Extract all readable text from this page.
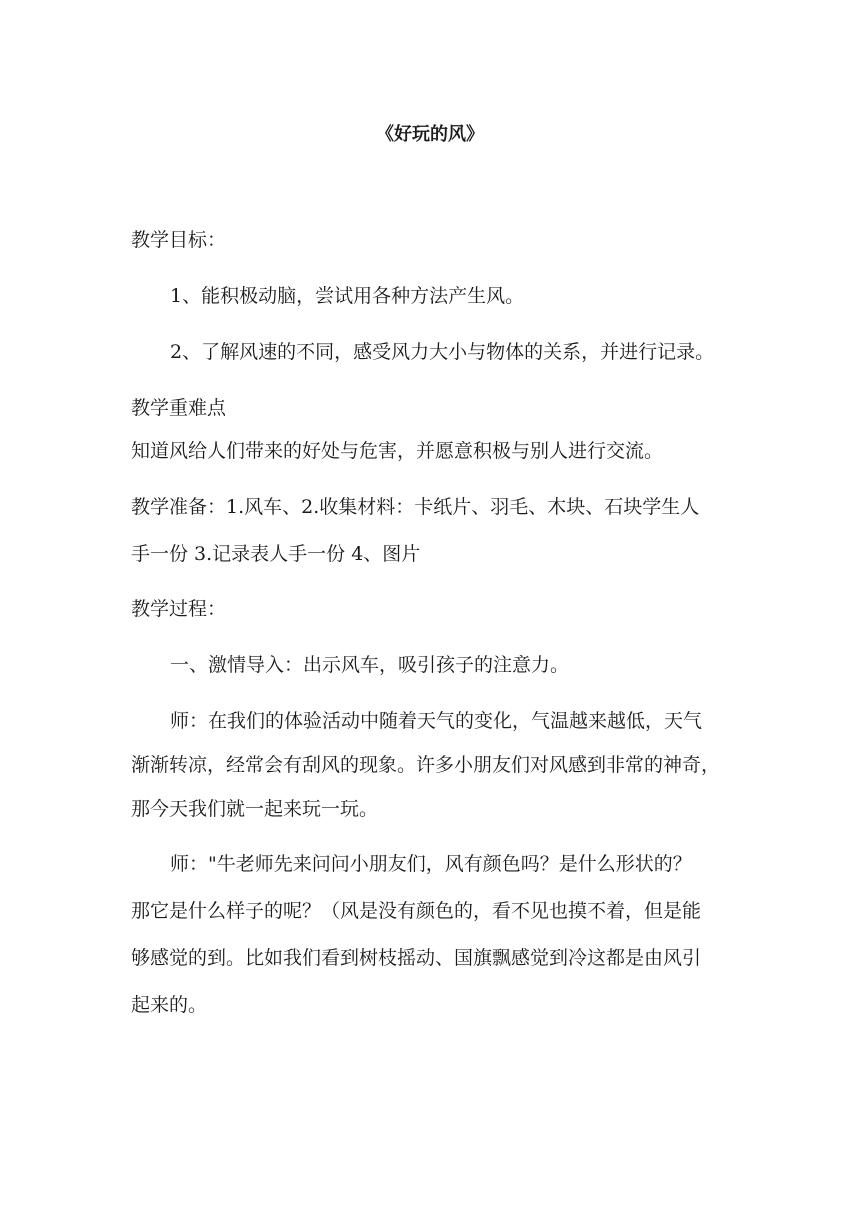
《好玩的风》

教学目标：

1、能积极动脑，尝试用各种方法产生风。

2、了解风速的不同，感受风力大小与物体的关系，并进行记录。

教学重难点

知道风给人们带来的好处与危害，并愿意积极与别人进行交流。

教学准备：1.风车、2.收集材料：卡纸片、羽毛、木块、石块学生人

手一份 3.记录表人手一份 4、图片

教学过程：

一、激情导入：出示风车，吸引孩子的注意力。

师：在我们的体验活动中随着天气的变化，气温越来越低，天气

渐渐转凉，经常会有刮风的现象。许多小朋友们对风感到非常的神奇，

那今天我们就一起来玩一玩。

师："牛老师先来问问小朋友们，风有颜色吗？是什么形状的？

那它是什么样子的呢？（风是没有颜色的，看不见也摸不着，但是能

够感觉的到。比如我们看到树枝摇动、国旗飘感觉到冷这都是由风引

起来的。
